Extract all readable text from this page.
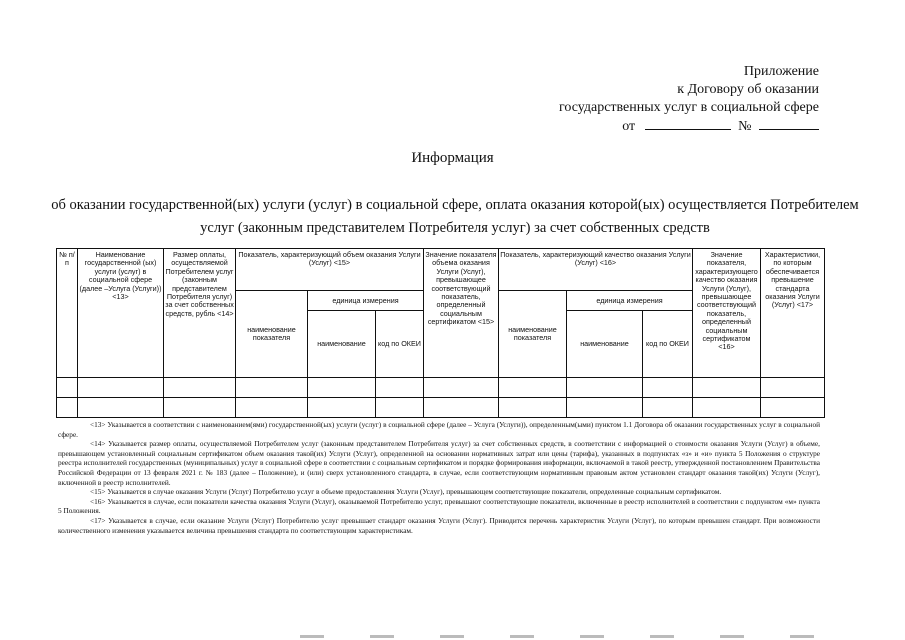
Приложение
к Договору об оказании
государственных услуг в социальной сфере
от	№
Информация
об оказании государственной(ых) услуги (услуг) в социальной сфере, оплата оказания которой(ых) осуществляется Потребителем услуг (законным представителем Потребителя услуг) за счет собственных средств
№ п/п	Наименование государственной (ых) услуги (услуг) в социальной сфере (далее –Услуга (Услуги)) <13>	Размер оплаты, осуществляемой Потребителем услуг (законным представителем Потребителя услуг) за счет собственных средств, рубль <14>	Показатель, характеризующий объем оказания Услуги (Услуг) <15>			Значение показателя объема оказания Услуги (Услуг), превышающее соответствующий показатель, определенный социальным сертификатом <15>	Показатель, характеризующий качество оказания Услуги (Услуг) <16>			Значение показателя, характеризующего качество оказания Услуги (Услуг), превышающее соответствующий показатель, определенный социальным сертификатом <16>	Характеристики, по которым обеспечивается превышение стандарта оказания Услуги (Услуг) <17>
			наименование показателя	единица измерения			наименование показателя	единица измерения			
				наименование	код по ОКЕИ			наименование	код по ОКЕИ		

<13> Указывается в соответствии с наименованием(ями) государственной(ых) услуги (услуг) в социальной сфере (далее – Услуга (Услуги)), определенным(ыми) пунктом 1.1 Договора об оказании государственных услуг в социальной сфере.

<14> Указывается размер оплаты, осуществляемой Потребителем услуг (законным представителем Потребителя услуг) за счет собственных средств, в соответствии с информацией о стоимости оказания Услуги (Услуг) в объеме, превышающем установленный социальным сертификатом объем оказания такой(их) Услуги (Услуг), определенной на основании нормативных затрат или цены (тарифа), указанных в подпунктах «з» и «и» пункта 5 Положения о структуре реестра исполнителей государственных (муниципальных) услуг в социальной сфере в соответствии с социальным сертификатом и порядке формирования информации, включаемой в такой реестр, утвержденной постановлением Правительства Российской Федерации от 13 февраля 2021 г. № 183 (далее – Положение), и (или) сверх установленного стандарта, в случае, если соответствующим нормативным правовым актом установлен стандарт оказания такой(их) Услуги (Услуг), включенной в реестр исполнителей.

<15> Указывается в случае оказания Услуги (Услуг) Потребителю услуг в объеме предоставления Услуги (Услуг), превышающем соответствующие показатели, определенные социальным сертификатом.

<16> Указывается в случае, если показатели качества оказания Услуги (Услуг), оказываемой Потребителю услуг, превышают соответствующие показатели, включенные в реестр исполнителей в соответствии с подпунктом «м» пункта 5 Положения.

<17> Указывается в случае, если оказание Услуги (Услуг) Потребителю услуг превышает стандарт оказания Услуги (Услуг). Приводится перечень характеристик Услуги (Услуг), по которым превышен стандарт. При возможности количественного изменения указывается величина превышения стандарта по соответствующим характеристикам.
